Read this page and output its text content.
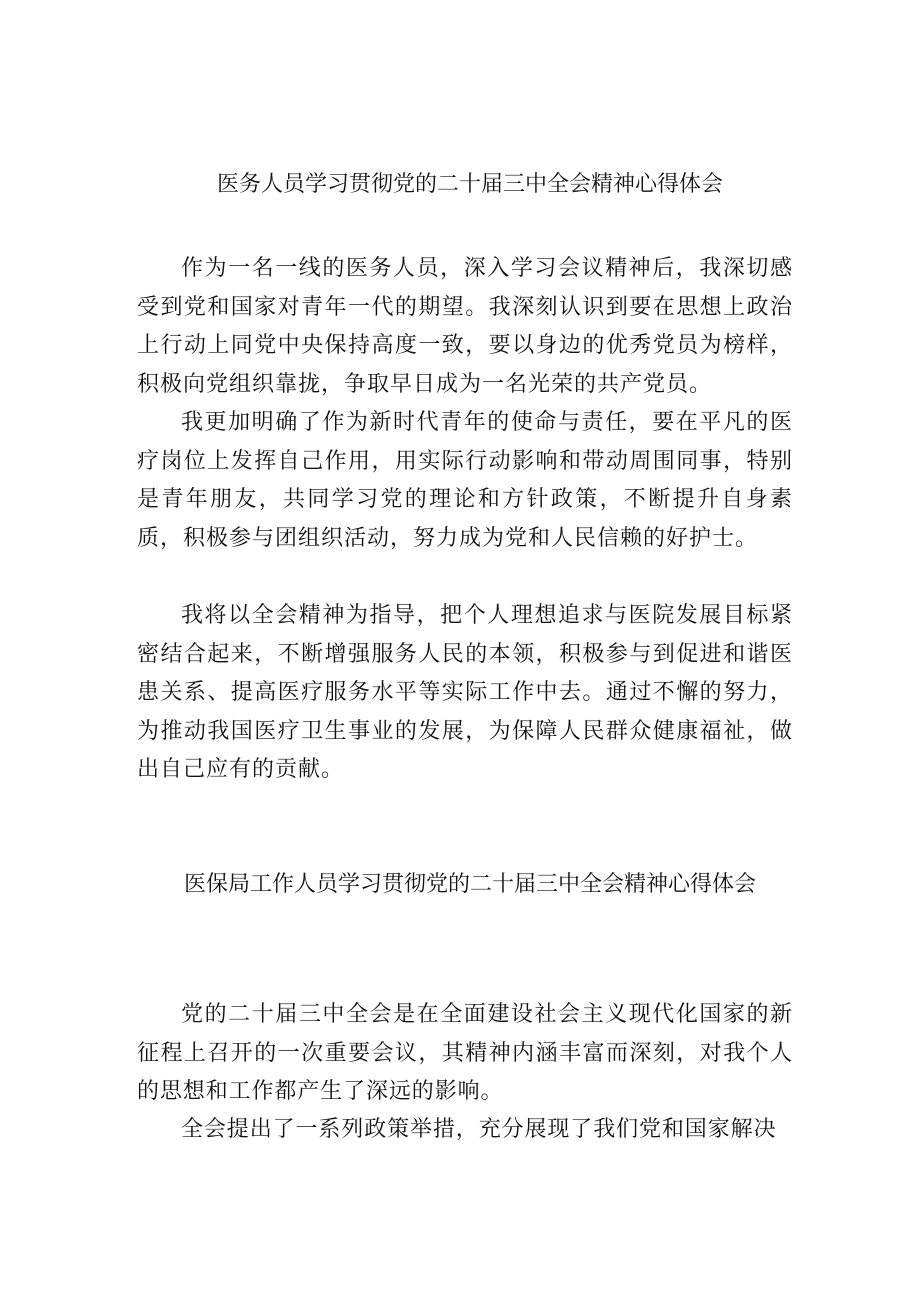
医务人员学习贯彻党的二十届三中全会精神心得体会

作为一名一线的医务人员，深入学习会议精神后，我深切感受到党和国家对青年一代的期望。我深刻认识到要在思想上政治上行动上同党中央保持高度一致，要以身边的优秀党员为榜样，积极向党组织靠拢，争取早日成为一名光荣的共产党员。

我更加明确了作为新时代青年的使命与责任，要在平凡的医疗岗位上发挥自己作用，用实际行动影响和带动周围同事，特别是青年朋友，共同学习党的理论和方针政策，不断提升自身素质，积极参与团组织活动，努力成为党和人民信赖的好护士。

我将以全会精神为指导，把个人理想追求与医院发展目标紧密结合起来，不断增强服务人民的本领，积极参与到促进和谐医患关系、提高医疗服务水平等实际工作中去。通过不懈的努力，为推动我国医疗卫生事业的发展，为保障人民群众健康福祉，做出自己应有的贡献。

医保局工作人员学习贯彻党的二十届三中全会精神心得体会

党的二十届三中全会是在全面建设社会主义现代化国家的新征程上召开的一次重要会议，其精神内涵丰富而深刻，对我个人的思想和工作都产生了深远的影响。

全会提出了一系列政策举措，充分展现了我们党和国家解决
